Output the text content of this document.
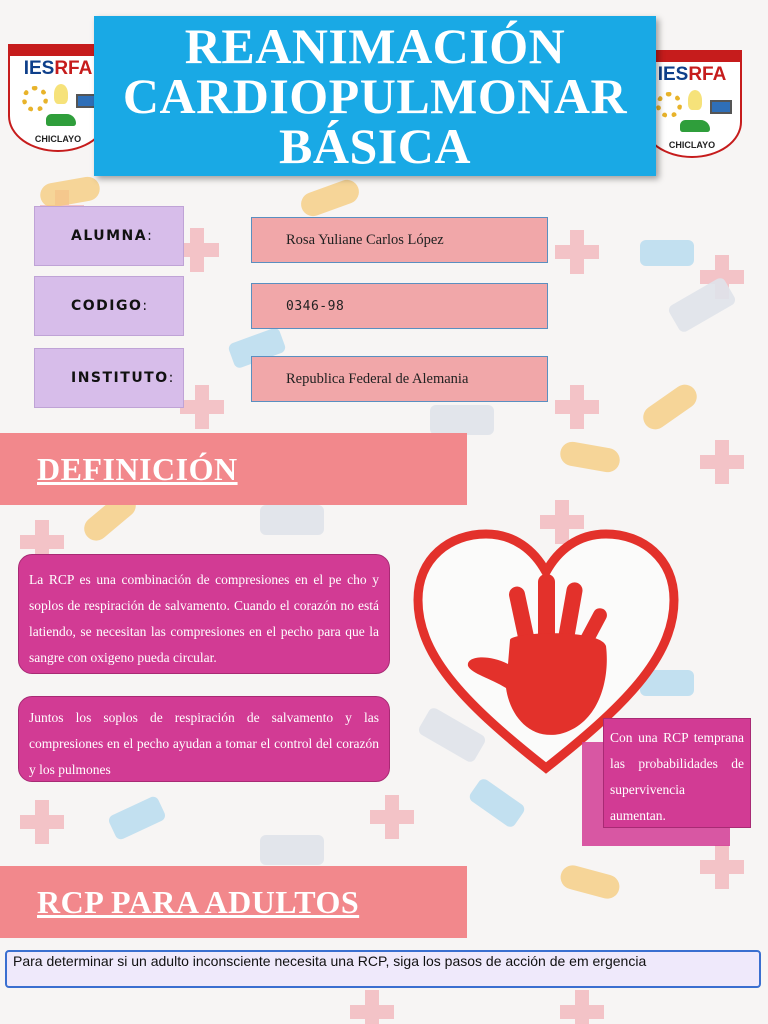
IESRFA
CHICLAYO
IESRFA
CHICLAYO
REANIMACIÓN
CARDIOPULMONAR
BÁSICA
ALUMNA :	Rosa Yuliane Carlos López
CODIGO :	0346-98
INSTITUTO :	Republica Federal de Alemania
DEFINICIÓN

La RCP es una combinación de compresiones en el pe cho y soplos de respiración de salvamento. Cuando el corazón no está latiendo, se necesitan las compresiones en el pecho para que la sangre con oxigeno pueda circular.

Juntos los soplos de respiración de salvamento y las compresiones en el pecho ayudan a tomar el control del corazón y los pulmones

Con una RCP temprana las probabilidades de supervivencia aumentan.

RCP PARA ADULTOS

Para determinar si un adulto inconsciente necesita una RCP, siga los pasos de acción de em ergencia
